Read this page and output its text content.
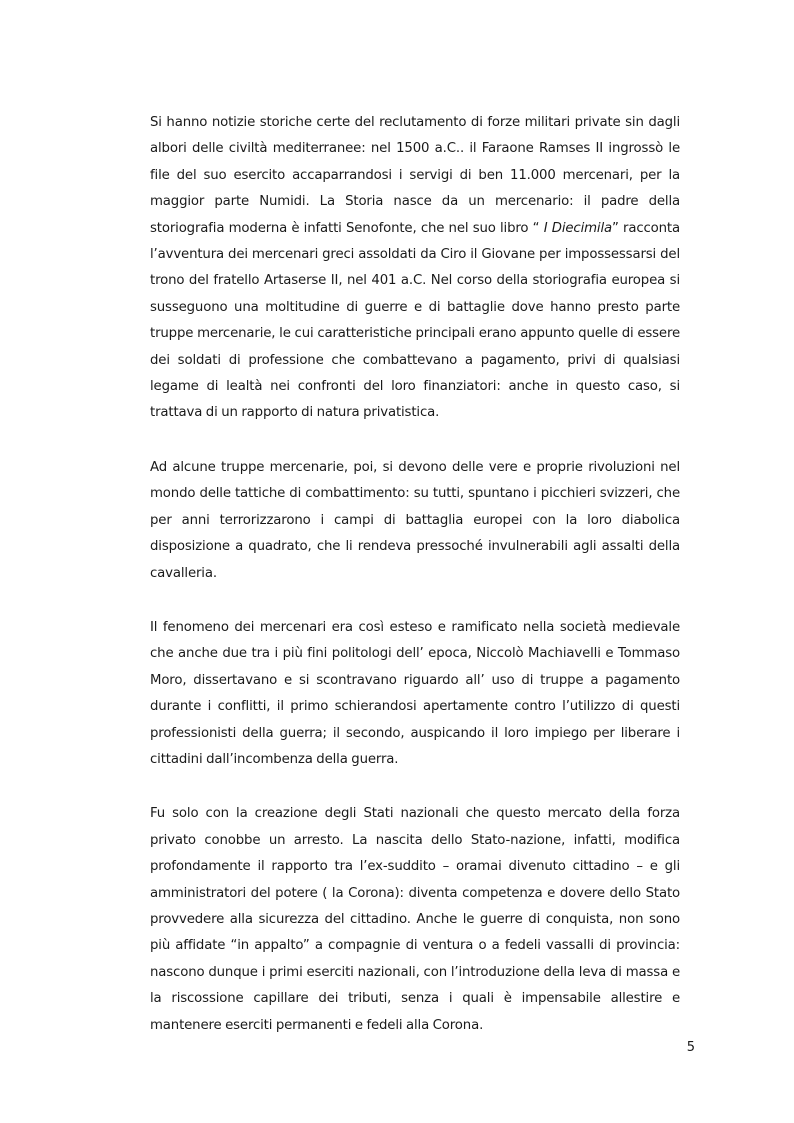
Si hanno notizie storiche certe del reclutamento di forze militari private sin dagli albori delle civiltà mediterranee: nel 1500 a.C.. il Faraone Ramses II ingrossò le file del suo esercito accaparrandosi i servigi di ben 11.000 mercenari, per la maggior parte Numidi. La Storia nasce da un mercenario: il padre della storiografia moderna è infatti Senofonte, che nel suo libro “ I Diecimila” racconta l’avventura dei mercenari greci assoldati da Ciro il Giovane per impossessarsi del trono del fratello Artaserse II, nel 401 a.C. Nel corso della storiografia europea si susseguono una moltitudine di guerre e di battaglie dove hanno presto parte truppe mercenarie, le cui caratteristiche principali erano appunto quelle di essere dei soldati di professione che combattevano a pagamento, privi di qualsiasi legame di lealtà nei confronti del loro finanziatori: anche in questo caso, si trattava di un rapporto di natura privatistica.

Ad alcune truppe mercenarie, poi, si devono delle vere e proprie rivoluzioni nel mondo delle tattiche di combattimento: su tutti, spuntano i picchieri svizzeri, che per anni terrorizzarono i campi di battaglia europei con la loro diabolica disposizione a quadrato, che li rendeva pressoché invulnerabili agli assalti della cavalleria.

Il fenomeno dei mercenari era così esteso e ramificato nella società medievale che anche due tra i più fini politologi dell’ epoca, Niccolò Machiavelli e Tommaso Moro, dissertavano e si scontravano riguardo all’ uso di truppe a pagamento durante i conflitti, il primo schierandosi apertamente contro l’utilizzo di questi professionisti della guerra; il secondo, auspicando il loro impiego per liberare i cittadini dall’incombenza della guerra.

Fu solo con la creazione degli Stati nazionali che questo mercato della forza privato conobbe un arresto. La nascita dello Stato-nazione, infatti, modifica profondamente il rapporto tra l’ex-suddito – oramai divenuto cittadino – e gli amministratori del potere ( la Corona): diventa competenza e dovere dello Stato provvedere alla sicurezza del cittadino. Anche le guerre di conquista, non sono più affidate “in appalto” a compagnie di ventura o a fedeli vassalli di provincia: nascono dunque i primi eserciti nazionali, con l’introduzione della leva di massa e la riscossione capillare dei tributi, senza i quali è impensabile allestire e mantenere eserciti permanenti e fedeli alla Corona.

5
